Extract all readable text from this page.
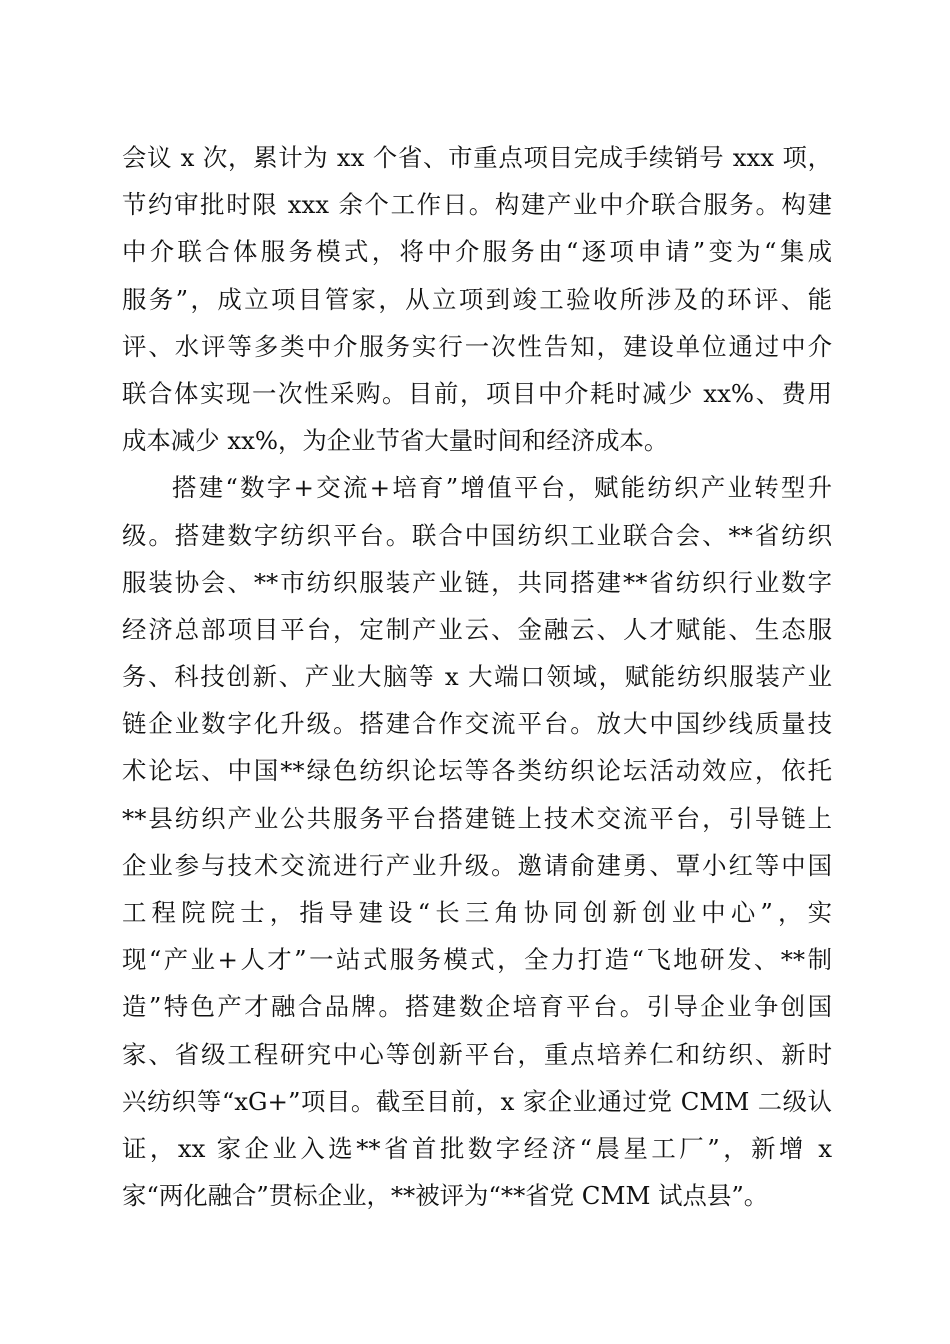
会议 x 次，累计为 xx 个省、市重点项目完成手续销号 xxx 项，
节约审批时限 xxx 余个工作日。构建产业中介联合服务。构建
中介联合体服务模式，将中介服务由“逐项申请”变为“集成
服务”，成立项目管家，从立项到竣工验收所涉及的环评、能
评、水评等多类中介服务实行一次性告知，建设单位通过中介
联合体实现一次性采购。目前，项目中介耗时减少 xx%、费用
成本减少 xx%，为企业节省大量时间和经济成本。
搭建“数字+交流+培育”增值平台，赋能纺织产业转型升
级。搭建数字纺织平台。联合中国纺织工业联合会、**省纺织
服装协会、**市纺织服装产业链，共同搭建**省纺织行业数字
经济总部项目平台，定制产业云、金融云、人才赋能、生态服
务、科技创新、产业大脑等 x 大端口领域，赋能纺织服装产业
链企业数字化升级。搭建合作交流平台。放大中国纱线质量技
术论坛、中国**绿色纺织论坛等各类纺织论坛活动效应，依托
**县纺织产业公共服务平台搭建链上技术交流平台，引导链上
企业参与技术交流进行产业升级。邀请俞建勇、覃小红等中国
工程院院士，指导建设“长三角协同创新创业中心”，实
现“产业+人才”一站式服务模式，全力打造“飞地研发、**制
造”特色产才融合品牌。搭建数企培育平台。引导企业争创国
家、省级工程研究中心等创新平台，重点培养仁和纺织、新时
兴纺织等“xG+”项目。截至目前，x 家企业通过党 CMM 二级认
证，xx 家企业入选**省首批数字经济“晨星工厂”，新增 x
家“两化融合”贯标企业，**被评为“**省党 CMM 试点县”。
